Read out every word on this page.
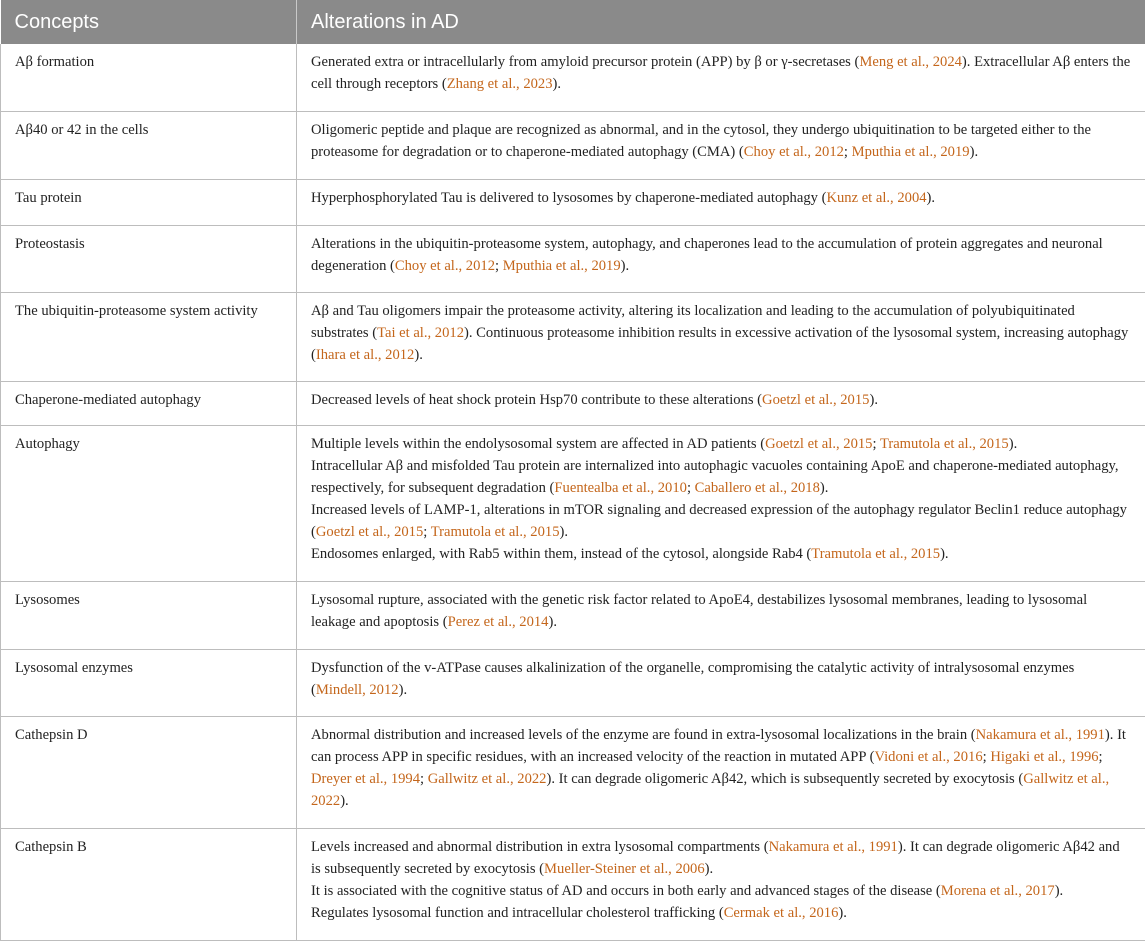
Concepts	Alterations in AD
Aβ formation	Generated extra or intracellularly from amyloid precursor protein (APP) by β or γ-secretases (Meng et al., 2024). Extracellular Aβ enters the cell through receptors (Zhang et al., 2023).

Aβ40 or 42 in the cells	Oligomeric peptide and plaque are recognized as abnormal, and in the cytosol, they undergo ubiquitination to be targeted either to the proteasome for degradation or to chaperone-mediated autophagy (CMA) (Choy et al., 2012; Mputhia et al., 2019).

Tau protein	Hyperphosphorylated Tau is delivered to lysosomes by chaperone-mediated autophagy (Kunz et al., 2004).

Proteostasis	Alterations in the ubiquitin-proteasome system, autophagy, and chaperones lead to the accumulation of protein aggregates and neuronal degeneration (Choy et al., 2012; Mputhia et al., 2019).

The ubiquitin-proteasome system activity	Aβ and Tau oligomers impair the proteasome activity, altering its localization and leading to the accumulation of polyubiquitinated substrates (Tai et al., 2012). Continuous proteasome inhibition results in excessive activation of the lysosomal system, increasing autophagy (Ihara et al., 2012).

Chaperone-mediated autophagy	Decreased levels of heat shock protein Hsp70 contribute to these alterations (Goetzl et al., 2015).

Autophagy	Multiple levels within the endolysosomal system are affected in AD patients (Goetzl et al., 2015; Tramutola et al., 2015).
Intracellular Aβ and misfolded Tau protein are internalized into autophagic vacuoles containing ApoE and chaperone-mediated autophagy, respectively, for subsequent degradation (Fuentealba et al., 2010; Caballero et al., 2018).
Increased levels of LAMP-1, alterations in mTOR signaling and decreased expression of the autophagy regulator Beclin1 reduce autophagy (Goetzl et al., 2015; Tramutola et al., 2015).
Endosomes enlarged, with Rab5 within them, instead of the cytosol, alongside Rab4 (Tramutola et al., 2015).

Lysosomes	Lysosomal rupture, associated with the genetic risk factor related to ApoE4, destabilizes lysosomal membranes, leading to lysosomal leakage and apoptosis (Perez et al., 2014).

Lysosomal enzymes	Dysfunction of the v-ATPase causes alkalinization of the organelle, compromising the catalytic activity of intralysosomal enzymes (Mindell, 2012).

Cathepsin D	Abnormal distribution and increased levels of the enzyme are found in extra-lysosomal localizations in the brain (Nakamura et al., 1991). It can process APP in specific residues, with an increased velocity of the reaction in mutated APP (Vidoni et al., 2016; Higaki et al., 1996; Dreyer et al., 1994; Gallwitz et al., 2022). It can degrade oligomeric Aβ42, which is subsequently secreted by exocytosis (Gallwitz et al., 2022).

Cathepsin B	Levels increased and abnormal distribution in extra lysosomal compartments (Nakamura et al., 1991). It can degrade oligomeric Aβ42 and is subsequently secreted by exocytosis (Mueller-Steiner et al., 2006).
It is associated with the cognitive status of AD and occurs in both early and advanced stages of the disease (Morena et al., 2017).
Regulates lysosomal function and intracellular cholesterol trafficking (Cermak et al., 2016).
